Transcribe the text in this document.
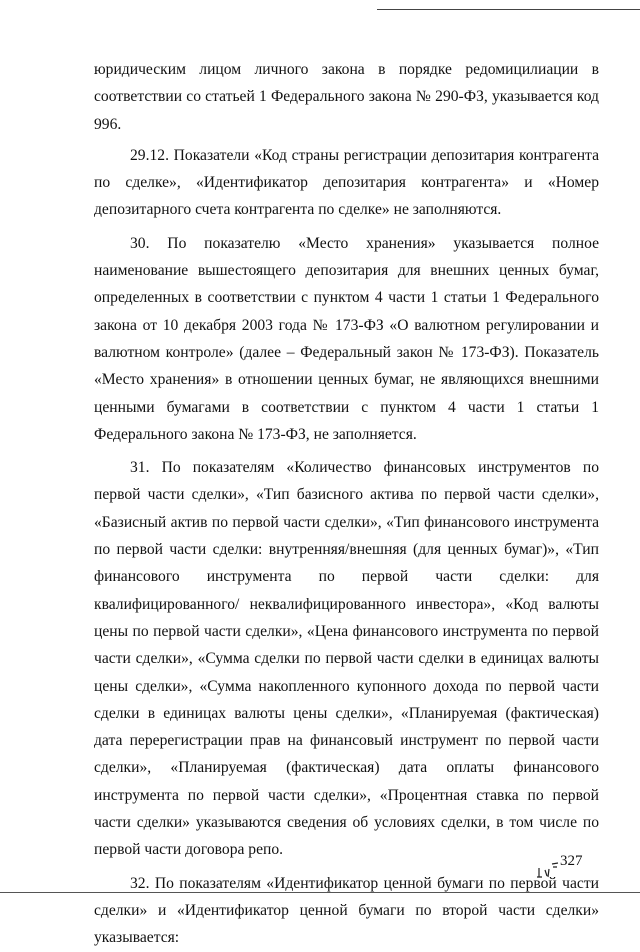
юридическим лицом личного закона в порядке редомицилиации в соответствии со статьей 1 Федерального закона № 290-ФЗ, указывается код 996.

29.12. Показатели «Код страны регистрации депозитария контрагента по сделке», «Идентификатор депозитария контрагента» и «Номер депозитарного счета контрагента по сделке» не заполняются.

30. По показателю «Место хранения» указывается полное наименование вышестоящего депозитария для внешних ценных бумаг, определенных в соответствии с пунктом 4 части 1 статьи 1 Федерального закона от 10 декабря 2003 года № 173-ФЗ «О валютном регулировании и валютном контроле» (далее – Федеральный закон № 173-ФЗ). Показатель «Место хранения» в отношении ценных бумаг, не являющихся внешними ценными бумагами в соответствии с пунктом 4 части 1 статьи 1 Федерального закона № 173-ФЗ, не заполняется.

31. По показателям «Количество финансовых инструментов по первой части сделки», «Тип базисного актива по первой части сделки», «Базисный актив по первой части сделки», «Тип финансового инструмента по первой части сделки: внутренняя/внешняя (для ценных бумаг)», «Тип финансового инструмента по первой части сделки: для квалифицированного/ неквалифицированного инвестора», «Код валюты цены по первой части сделки», «Цена финансового инструмента по первой части сделки», «Сумма сделки по первой части сделки в единицах валюты цены сделки», «Сумма накопленного купонного дохода по первой части сделки в единицах валюты цены сделки», «Планируемая (фактическая) дата перерегистрации прав на финансовый инструмент по первой части сделки», «Планируемая (фактическая) дата оплаты финансового инструмента по первой части сделки», «Процентная ставка по первой части сделки» указываются сведения об условиях сделки, в том числе по первой части договора репо.

32. По показателям «Идентификатор ценной бумаги по первой части сделки» и «Идентификатор ценной бумаги по второй части сделки» указывается:

327
